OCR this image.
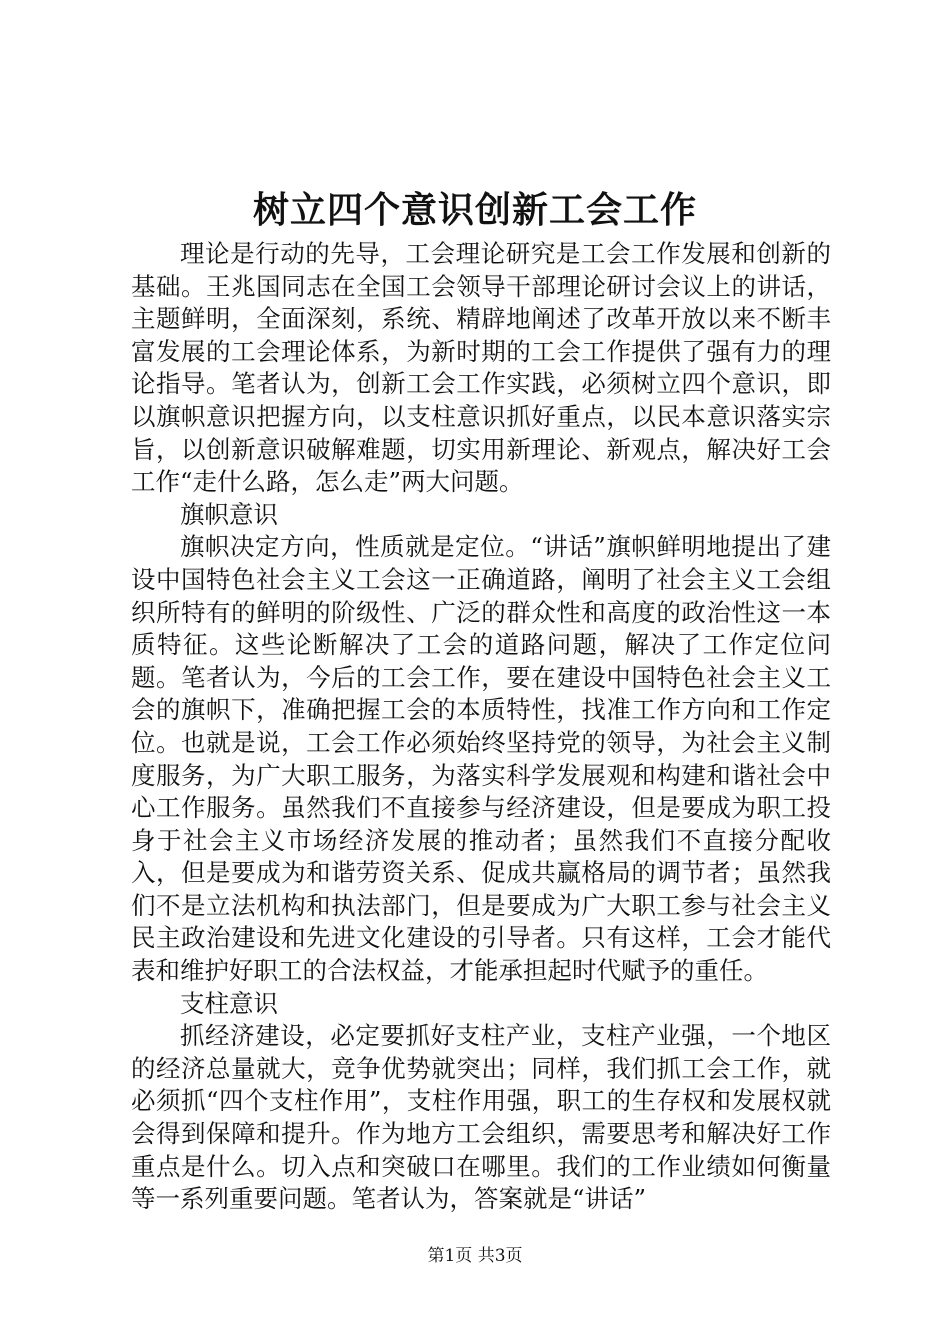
树立四个意识创新工会工作

理论是行动的先导，工会理论研究是工会工作发展和创新的基础。王兆国同志在全国工会领导干部理论研讨会议上的讲话，主题鲜明，全面深刻，系统、精辟地阐述了改革开放以来不断丰富发展的工会理论体系，为新时期的工会工作提供了强有力的理论指导。笔者认为，创新工会工作实践，必须树立四个意识，即以旗帜意识把握方向，以支柱意识抓好重点，以民本意识落实宗旨，以创新意识破解难题，切实用新理论、新观点，解决好工会工作“走什么路，怎么走”两大问题。

旗帜意识

旗帜决定方向，性质就是定位。“讲话”旗帜鲜明地提出了建设中国特色社会主义工会这一正确道路，阐明了社会主义工会组织所特有的鲜明的阶级性、广泛的群众性和高度的政治性这一本质特征。这些论断解决了工会的道路问题，解决了工作定位问题。笔者认为，今后的工会工作，要在建设中国特色社会主义工会的旗帜下，准确把握工会的本质特性，找准工作方向和工作定位。也就是说，工会工作必须始终坚持党的领导，为社会主义制度服务，为广大职工服务，为落实科学发展观和构建和谐社会中心工作服务。虽然我们不直接参与经济建设，但是要成为职工投身于社会主义市场经济发展的推动者；虽然我们不直接分配收入，但是要成为和谐劳资关系、促成共赢格局的调节者；虽然我们不是立法机构和执法部门，但是要成为广大职工参与社会主义民主政治建设和先进文化建设的引导者。只有这样，工会才能代表和维护好职工的合法权益，才能承担起时代赋予的重任。

支柱意识

抓经济建设，必定要抓好支柱产业，支柱产业强，一个地区的经济总量就大，竞争优势就突出；同样，我们抓工会工作，就必须抓“四个支柱作用”，支柱作用强，职工的生存权和发展权就会得到保障和提升。作为地方工会组织，需要思考和解决好工作重点是什么。切入点和突破口在哪里。我们的工作业绩如何衡量等一系列重要问题。笔者认为，答案就是“讲话”

第1页 共3页
